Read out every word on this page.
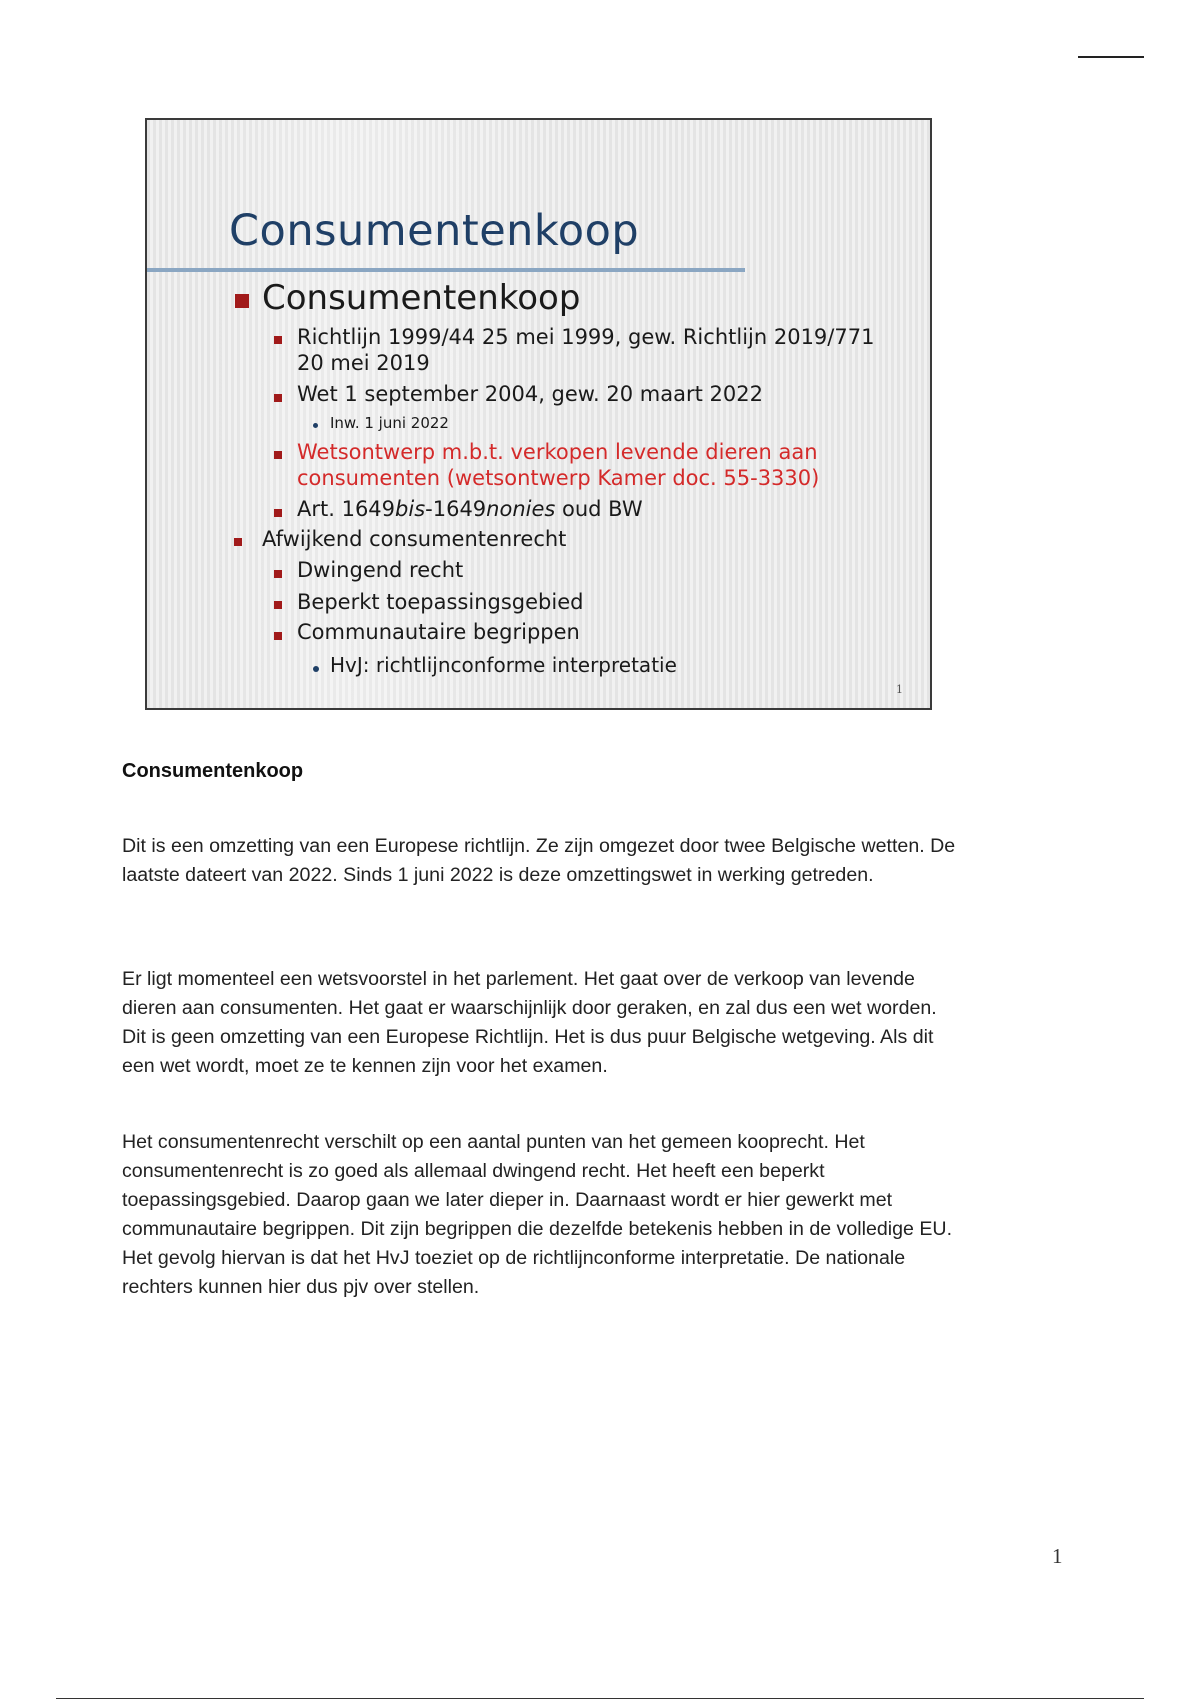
Consumentenkoop

Consumentenkoop

Richtlijn 1999/44 25 mei 1999, gew. Richtlijn 2019/771
20 mei 2019

Wet 1 september 2004, gew. 20 maart 2022

Inw. 1 juni 2022

Wetsontwerp m.b.t. verkopen levende dieren aan
consumenten (wetsontwerp Kamer doc. 55-3330)

Art. 1649bis-1649nonies oud BW

Afwijkend consumentenrecht

Dwingend recht

Beperkt toepassingsgebied

Communautaire begrippen

HvJ: richtlijnconforme interpretatie

1
Consumentenkoop

Dit is een omzetting van een Europese richtlijn. Ze zijn omgezet door twee Belgische wetten. De laatste dateert van 2022. Sinds 1 juni 2022 is deze omzettingswet in werking getreden.

Er ligt momenteel een wetsvoorstel in het parlement. Het gaat over de verkoop van levende dieren aan consumenten. Het gaat er waarschijnlijk door geraken, en zal dus een wet worden. Dit is geen omzetting van een Europese Richtlijn. Het is dus puur Belgische wetgeving. Als dit een wet wordt, moet ze te kennen zijn voor het examen.

Het consumentenrecht verschilt op een aantal punten van het gemeen kooprecht. Het consumentenrecht is zo goed als allemaal dwingend recht. Het heeft een beperkt toepassingsgebied. Daarop gaan we later dieper in. Daarnaast wordt er hier gewerkt met communautaire begrippen. Dit zijn begrippen die dezelfde betekenis hebben in de volledige EU. Het gevolg hiervan is dat het HvJ toeziet op de richtlijnconforme interpretatie. De nationale rechters kunnen hier dus pjv over stellen.

1
